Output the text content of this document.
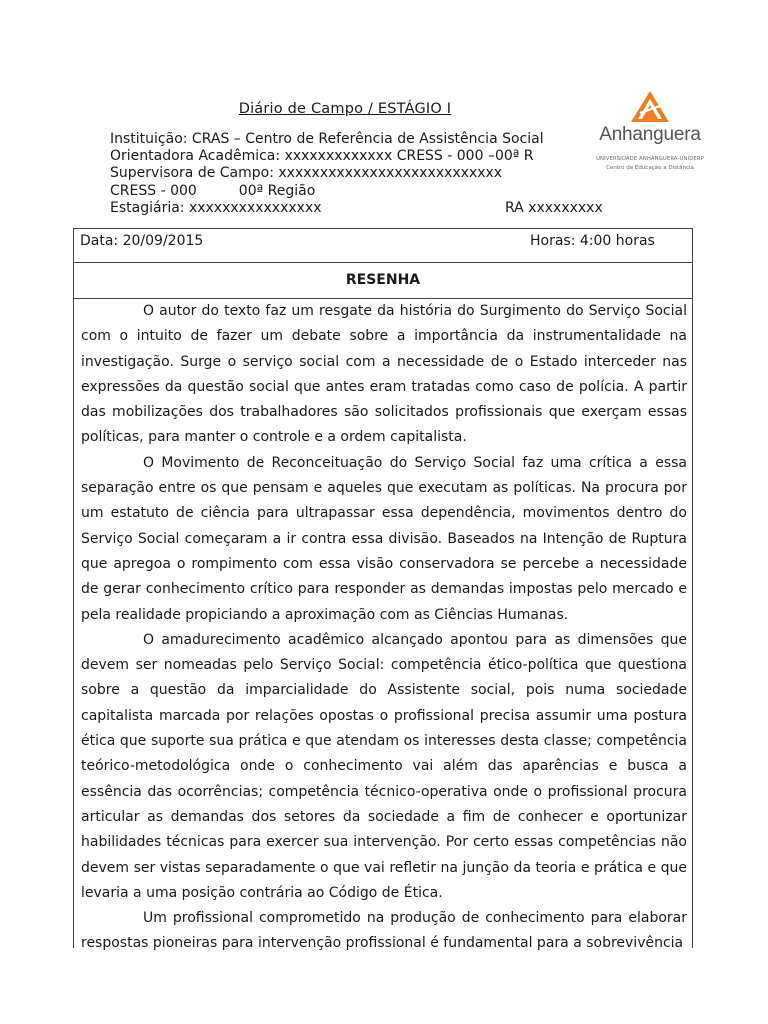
Diário de Campo / ESTÁGIO I
Instituição: CRAS – Centro de Referência de Assistência Social
Orientadora Acadêmica: xxxxxxxxxxxxx CRESS - 000 –00ª R
Supervisora de Campo: xxxxxxxxxxxxxxxxxxxxxxxxxxx
CRESS - 000	00ª Região
Estagiária: xxxxxxxxxxxxxxxx	RA xxxxxxxxx
Anhanguera
UNIVERSIDADE ANHANGUERA-UNIDERP
Centro de Educação a Distância
Data: 20/09/2015	Horas: 4:00 horas
RESENHA

O autor do texto faz um resgate da história do Surgimento do Serviço Social com o intuito de fazer um debate sobre a importância da instrumentalidade na investigação. Surge o serviço social com a necessidade de o Estado interceder nas expressões da questão social que antes eram tratadas como caso de polícia. A partir das mobilizações dos trabalhadores são solicitados profissionais que exerçam essas políticas, para manter o controle e a ordem capitalista.

O Movimento de Reconceituação do Serviço Social faz uma crítica a essa separação entre os que pensam e aqueles que executam as políticas. Na procura por um estatuto de ciência para ultrapassar essa dependência, movimentos dentro do Serviço Social começaram a ir contra essa divisão. Baseados na Intenção de Ruptura que apregoa o rompimento com essa visão conservadora se percebe a necessidade de gerar conhecimento crítico para responder as demandas impostas pelo mercado e pela realidade propiciando a aproximação com as Ciências Humanas.

O amadurecimento acadêmico alcançado apontou para as dimensões que devem ser nomeadas pelo Serviço Social: competência ético-política que questiona sobre a questão da imparcialidade do Assistente social, pois numa sociedade capitalista marcada por relações opostas o profissional precisa assumir uma postura ética que suporte sua prática e que atendam os interesses desta classe; competência teórico-metodológica onde o conhecimento vai além das aparências e busca a essência das ocorrências; competência técnico-operativa onde o profissional procura articular as demandas dos setores da sociedade a fim de conhecer e oportunizar habilidades técnicas para exercer sua intervenção. Por certo essas competências não devem ser vistas separadamente o que vai refletir na junção da teoria e prática e que levaria a uma posição contrária ao Código de Ética.

Um profissional comprometido na produção de conhecimento para elaborar respostas pioneiras para intervenção profissional é fundamental para a sobrevivência
